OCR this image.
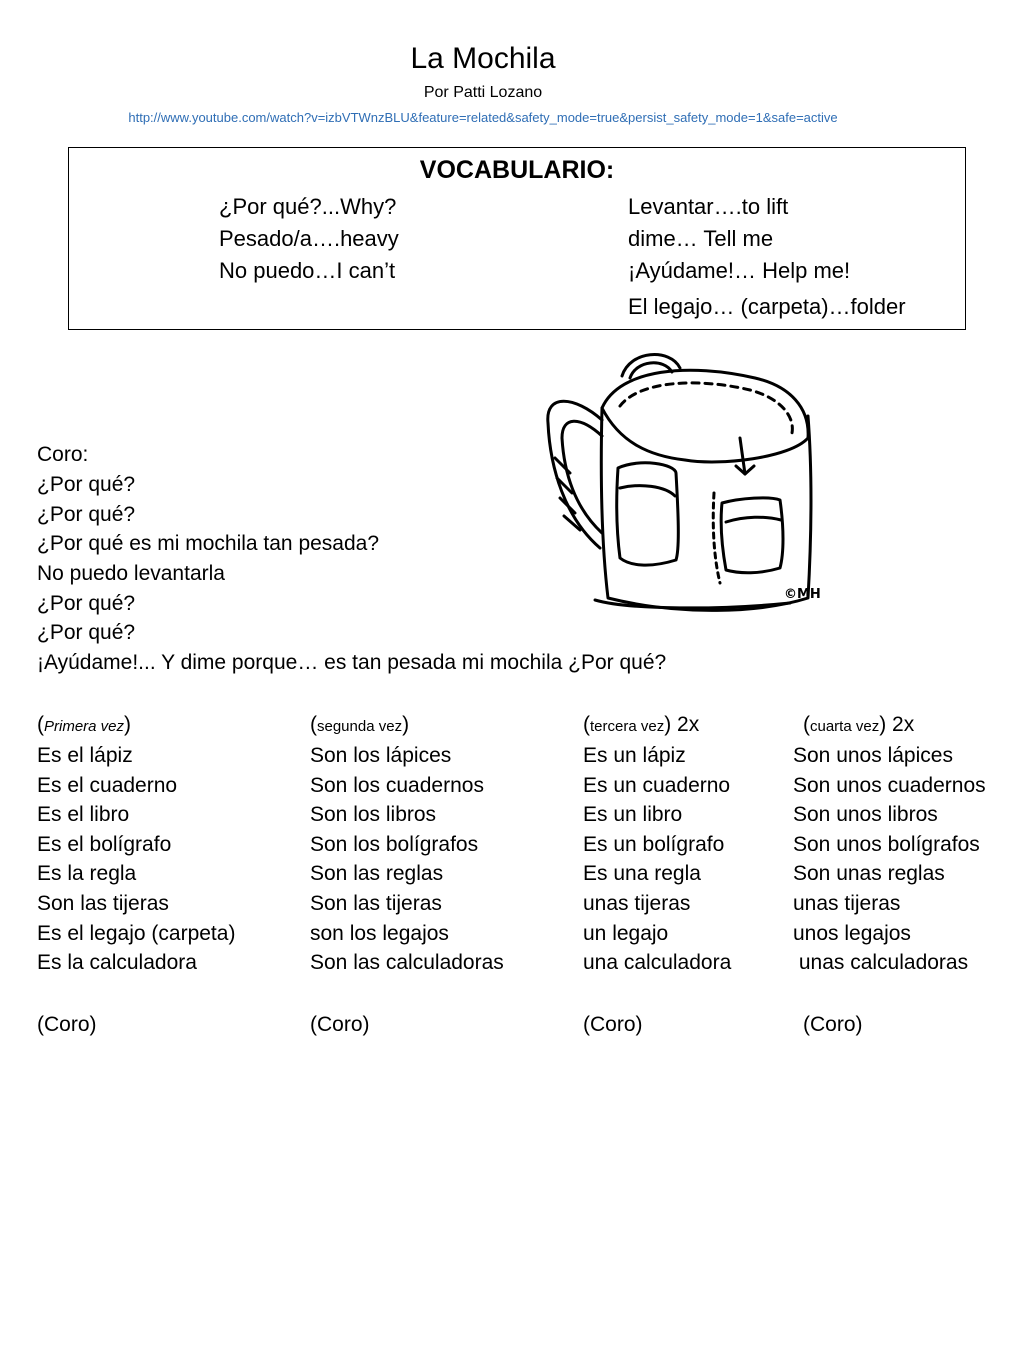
La Mochila
Por Patti Lozano
http://www.youtube.com/watch?v=izbVTWnzBLU&feature=related&safety_mode=true&persist_safety_mode=1&safe=active
VOCABULARIO:
¿Por qué?...Why?
Pesado/a….heavy
No puedo…I can’t
Levantar….to lift
dime… Tell me
¡Ayúdame!… Help me!
El legajo… (carpeta)…folder
©MH
Coro:
¿Por qué?
¿Por qué?
¿Por qué es mi mochila tan pesada?
No puedo levantarla
¿Por qué?
¿Por qué?
¡Ayúdame!... Y dime porque… es tan pesada mi mochila ¿Por qué?
(Primera vez)
Es el lápiz
Es el cuaderno
Es el libro
Es el bolígrafo
Es la regla
Son las tijeras
Es el legajo (carpeta)
Es la calculadora
(Coro)
(segunda vez)
Son los lápices
Son los cuadernos
Son los libros
Son los bolígrafos
Son las reglas
Son las tijeras
son los legajos
Son las calculadoras
(Coro)
(tercera vez) 2x
Es un lápiz
Es un cuaderno
Es un libro
Es un bolígrafo
Es una regla
unas tijeras
un legajo
una calculadora
(Coro)
(cuarta vez) 2x
Son unos lápices
Son unos cuadernos
Son unos libros
Son unos bolígrafos
Son unas reglas
unas tijeras
unos legajos
unas calculadoras
(Coro)
